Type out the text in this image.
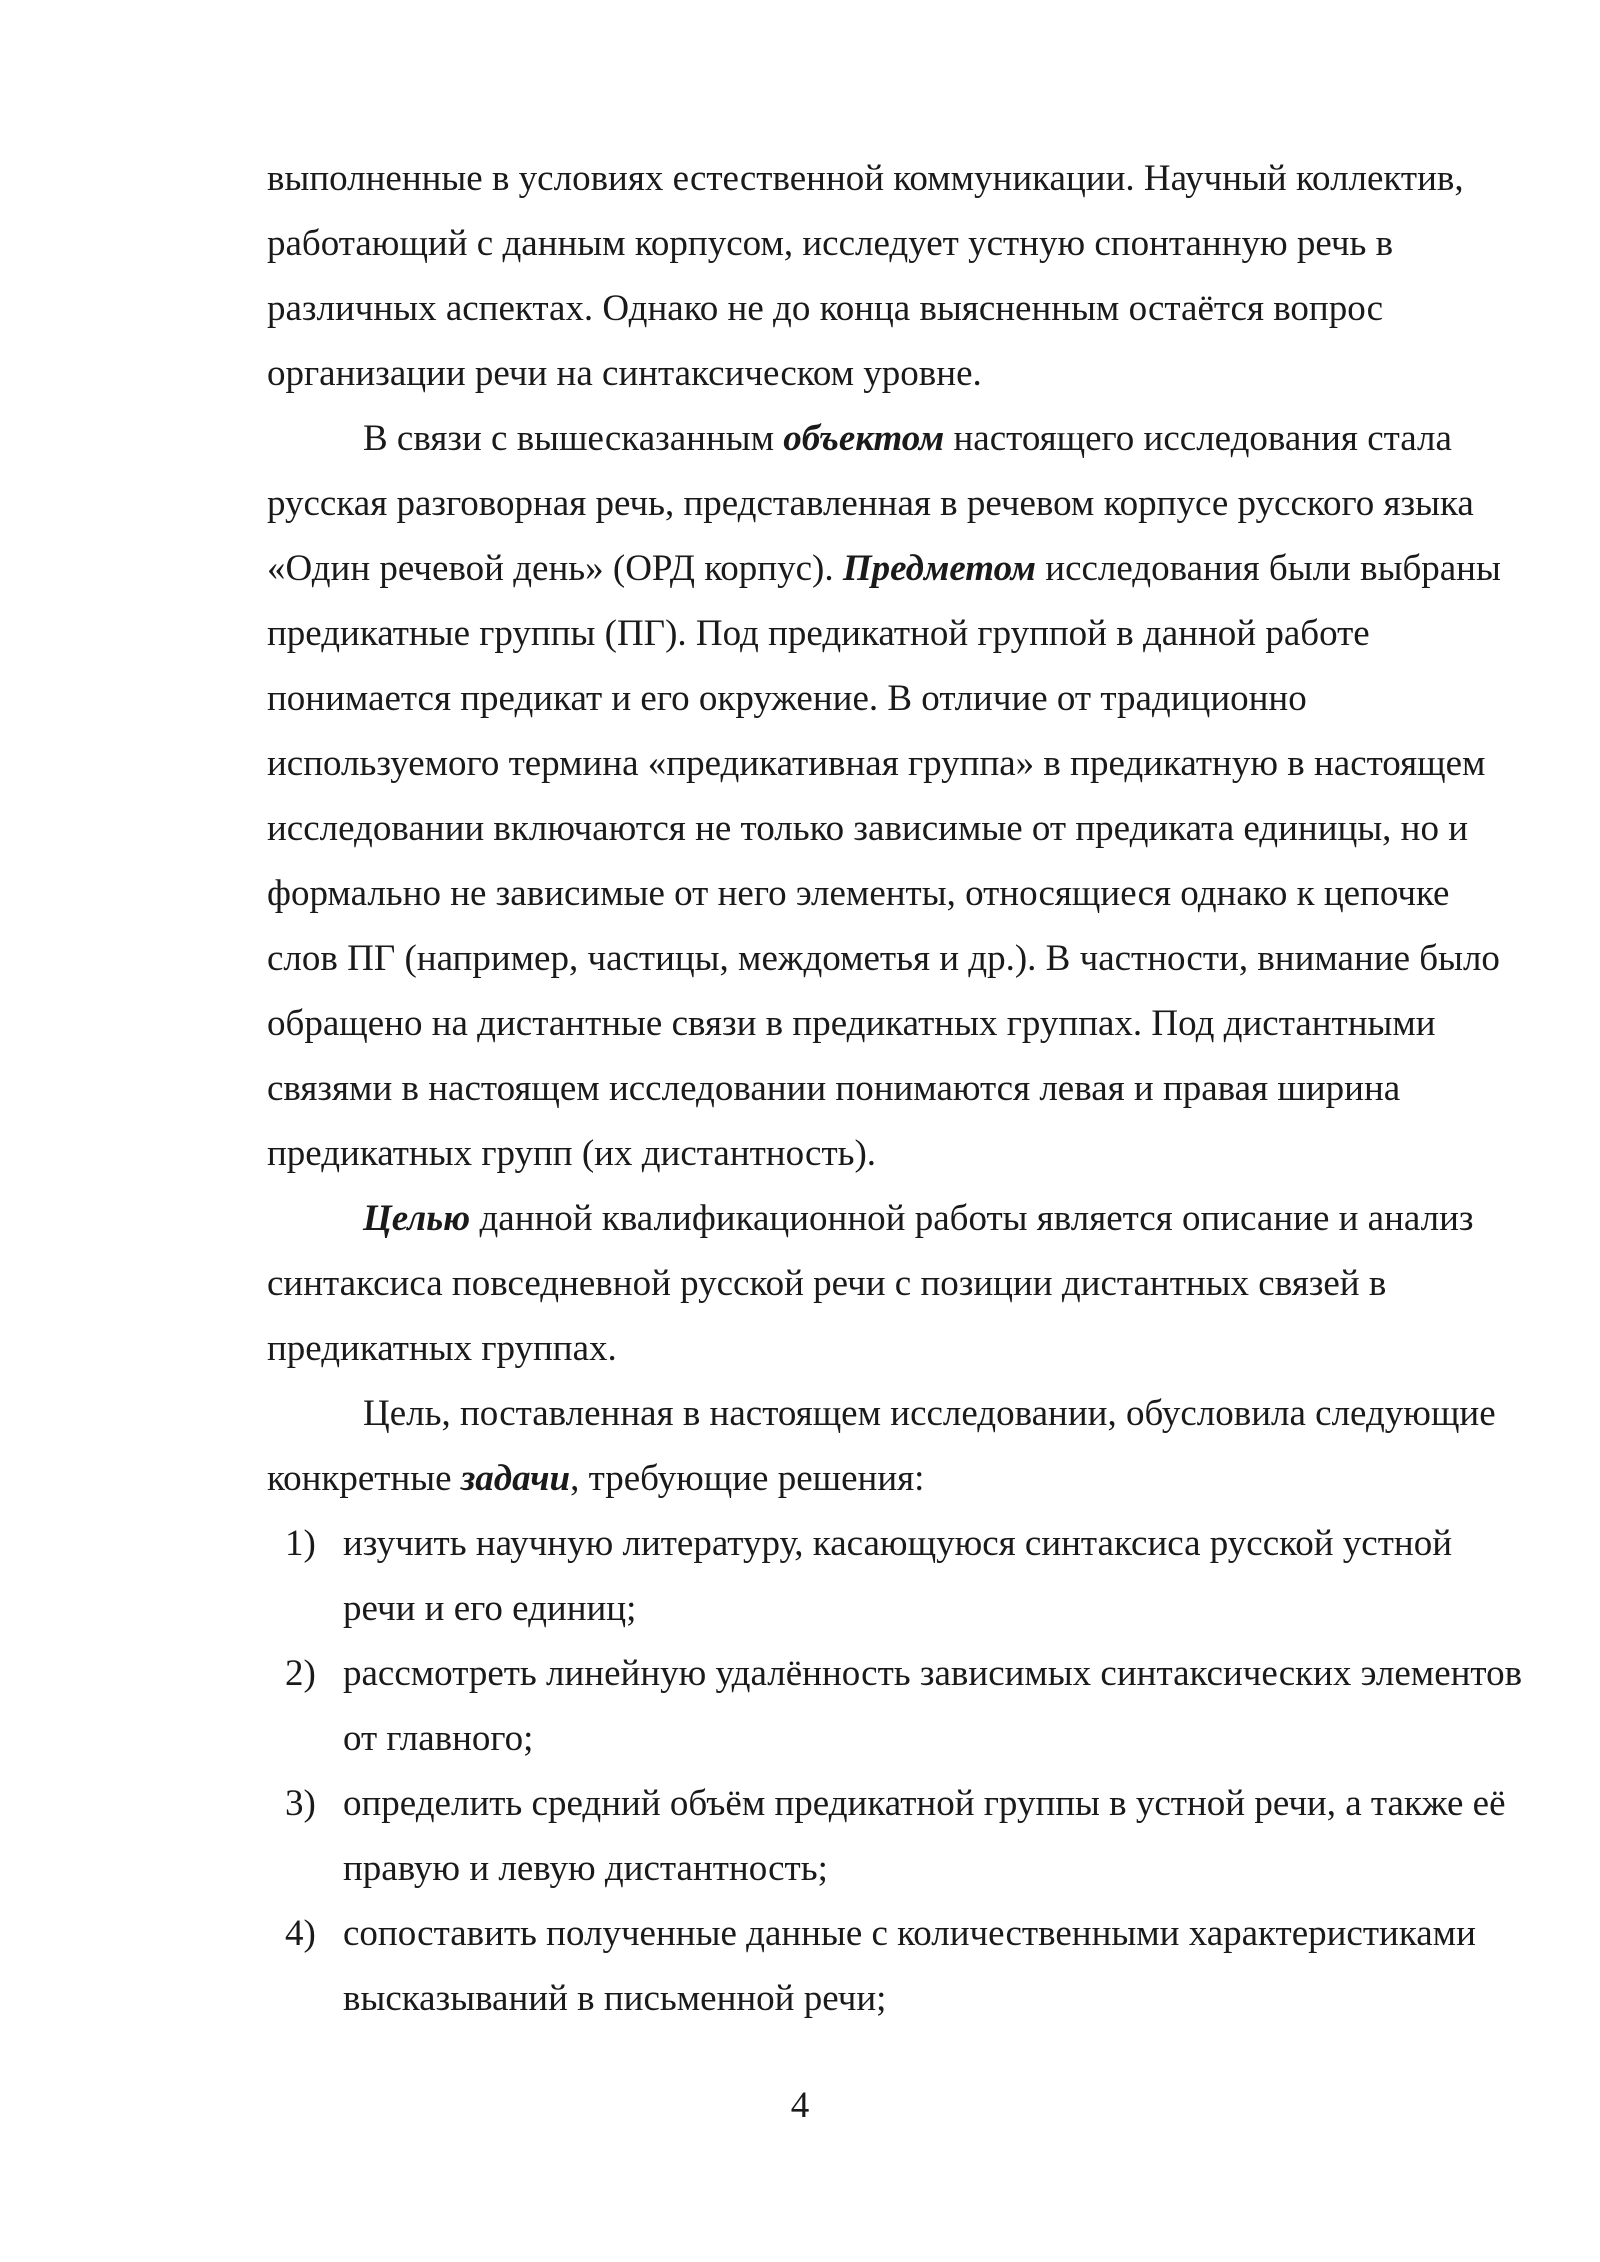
выполненные в условиях естественной коммуникации. Научный коллектив, работающий с данным корпусом, исследует устную спонтанную речь в различных аспектах. Однако не до конца выясненным остаётся вопрос организации речи на синтаксическом уровне.

В связи с вышесказанным объектом настоящего исследования стала русская разговорная речь, представленная в речевом корпусе русского языка «Один речевой день» (ОРД корпус). Предметом исследования были выбраны предикатные группы (ПГ). Под предикатной группой в данной работе понимается предикат и его окружение. В отличие от традиционно используемого термина «предикативная группа» в предикатную в настоящем исследовании включаются не только зависимые от предиката единицы, но и формально не зависимые от него элементы, относящиеся однако к цепочке слов ПГ (например, частицы, междометья и др.). В частности, внимание было обращено на дистантные связи в предикатных группах. Под дистантными связями в настоящем исследовании понимаются левая и правая ширина предикатных групп (их дистантность).

Целью данной квалификационной работы является описание и анализ синтаксиса повседневной русской речи с позиции дистантных связей в предикатных группах.

Цель, поставленная в настоящем исследовании, обусловила следующие конкретные задачи, требующие решения:

1) изучить научную литературу, касающуюся синтаксиса русской устной речи и его единиц;
2) рассмотреть линейную удалённость зависимых синтаксических элементов от главного;
3) определить средний объём предикатной группы в устной речи, а также её правую и левую дистантность;
4) сопоставить полученные данные с количественными характеристиками высказываний в письменной речи;
4
